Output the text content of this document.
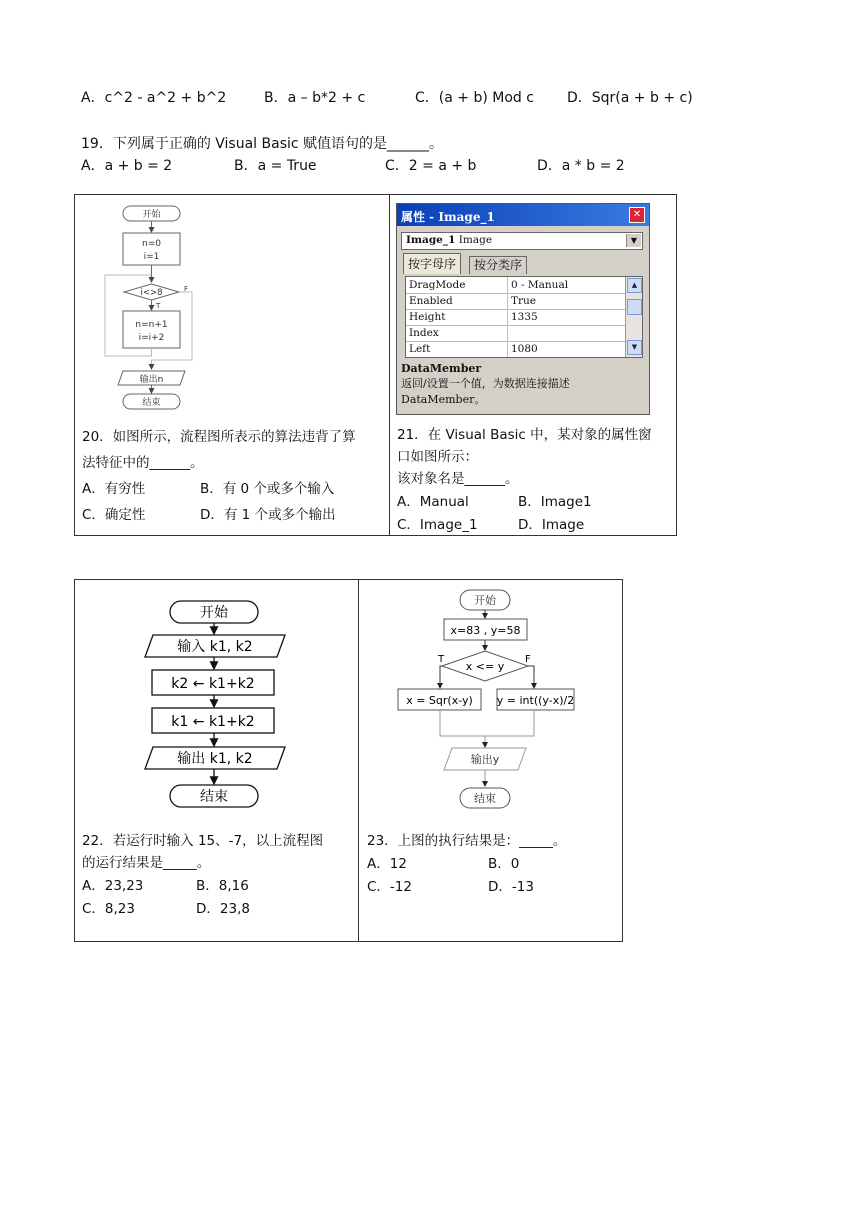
A．c^2 - a^2 + b^2	B．a – b*2 + c	C．(a + b) Mod c D．Sqr(a + b + c)
19．下列属于正确的 Visual Basic 赋值语句的是______。
A．a + b = 2	B．a = True	C．2 = a + b	D．a * b = 2
开始
n=0
i=1
i<>8	F
T
n=n+1
i=i+2
输出n
结束
20．如图所示，流程图所表示的算法违背了算
法特征中的______。
A．有穷性	B．有 0 个或多个输入
C．确定性	D．有 1 个或多个输出
属性 - Image_1	✕
Image_1 Image	▼
按字母序	按分类序
DragMode	0 - Manual
Enabled	True
Height	1335
Index
Left	1080
▲
▼
DataMember
返回/设置一个值，为数据连接描述
DataMember。
21．在 Visual Basic 中，某对象的属性窗
口如图所示：
该对象名是______。
A．Manual	B．Image1
C．Image_1	D．Image
开始
输入 k1, k2
k2 ← k1+k2
k1 ← k1+k2
输出 k1, k2
结束
22．若运行时输入 15、-7，以上流程图
的运行结果是_____。
A．23,23	B．8,16
C．8,23	D．23,8
开始
x=83 , y=58
x <= y
T	F
x = Sqr(x-y) y = int((y-x)/2
输出y
结束
23．上图的执行结果是：_____。
A．12	B．0
C．-12	D．-13
